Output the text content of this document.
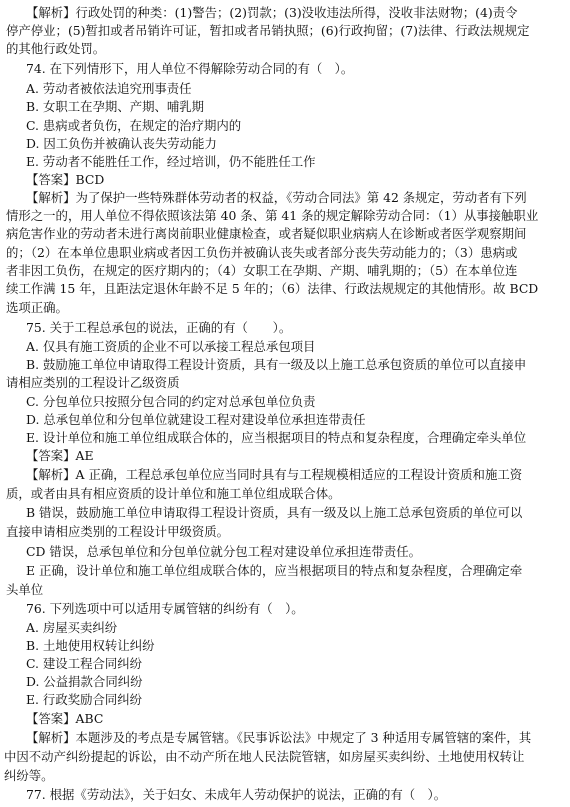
【解析】行政处罚的种类：(1)警告；(2)罚款；(3)没收违法所得，没收非法财物；(4)责令
停产停业；(5)暂扣或者吊销许可证，暂扣或者吊销执照；(6)行政拘留；(7)法律、行政法规规定
的其他行政处罚。
74. 在下列情形下，用人单位不得解除劳动合同的有（　）。
A. 劳动者被依法追究刑事责任
B. 女职工在孕期、产期、哺乳期
C. 患病或者负伤，在规定的治疗期内的
D. 因工负伤并被确认丧失劳动能力
E. 劳动者不能胜任工作，经过培训，仍不能胜任工作
【答案】BCD
【解析】为了保护一些特殊群体劳动者的权益，《劳动合同法》第 42 条规定，劳动者有下列
情形之一的，用人单位不得依照该法第 40 条、第 41 条的规定解除劳动合同：（1）从事接触职业
病危害作业的劳动者未进行离岗前职业健康检查，或者疑似职业病病人在诊断或者医学观察期间
的；（2）在本单位患职业病或者因工负伤并被确认丧失或者部分丧失劳动能力的；（3）患病或
者非因工负伤，在规定的医疗期内的；（4）女职工在孕期、产期、哺乳期的；（5）在本单位连
续工作满 15 年，且距法定退休年龄不足 5 年的；（6）法律、行政法规规定的其他情形。故 BCD
选项正确。
75. 关于工程总承包的说法，正确的有（　　）。
A. 仅具有施工资质的企业不可以承接工程总承包项目
B. 鼓励施工单位申请取得工程设计资质，具有一级及以上施工总承包资质的单位可以直接申
请相应类别的工程设计乙级资质
C. 分包单位只按照分包合同的约定对总承包单位负责
D. 总承包单位和分包单位就建设工程对建设单位承担连带责任
E. 设计单位和施工单位组成联合体的，应当根据项目的特点和复杂程度，合理确定牵头单位
【答案】AE
【解析】A 正确，工程总承包单位应当同时具有与工程规模相适应的工程设计资质和施工资
质，或者由具有相应资质的设计单位和施工单位组成联合体。
B 错误，鼓励施工单位申请取得工程设计资质，具有一级及以上施工总承包资质的单位可以
直接申请相应类别的工程设计甲级资质。
CD 错误，总承包单位和分包单位就分包工程对建设单位承担连带责任。
E 正确，设计单位和施工单位组成联合体的，应当根据项目的特点和复杂程度，合理确定牵
头单位
76. 下列选项中可以适用专属管辖的纠纷有（　）。
A. 房屋买卖纠纷
B. 土地使用权转让纠纷
C. 建设工程合同纠纷
D. 公益捐款合同纠纷
E. 行政奖励合同纠纷
【答案】ABC
【解析】本题涉及的考点是专属管辖。《民事诉讼法》中规定了 3 种适用专属管辖的案件，其
中因不动产纠纷提起的诉讼，由不动产所在地人民法院管辖，如房屋买卖纠纷、土地使用权转让
纠纷等。
77. 根据《劳动法》，关于妇女、未成年人劳动保护的说法，正确的有（　）。
